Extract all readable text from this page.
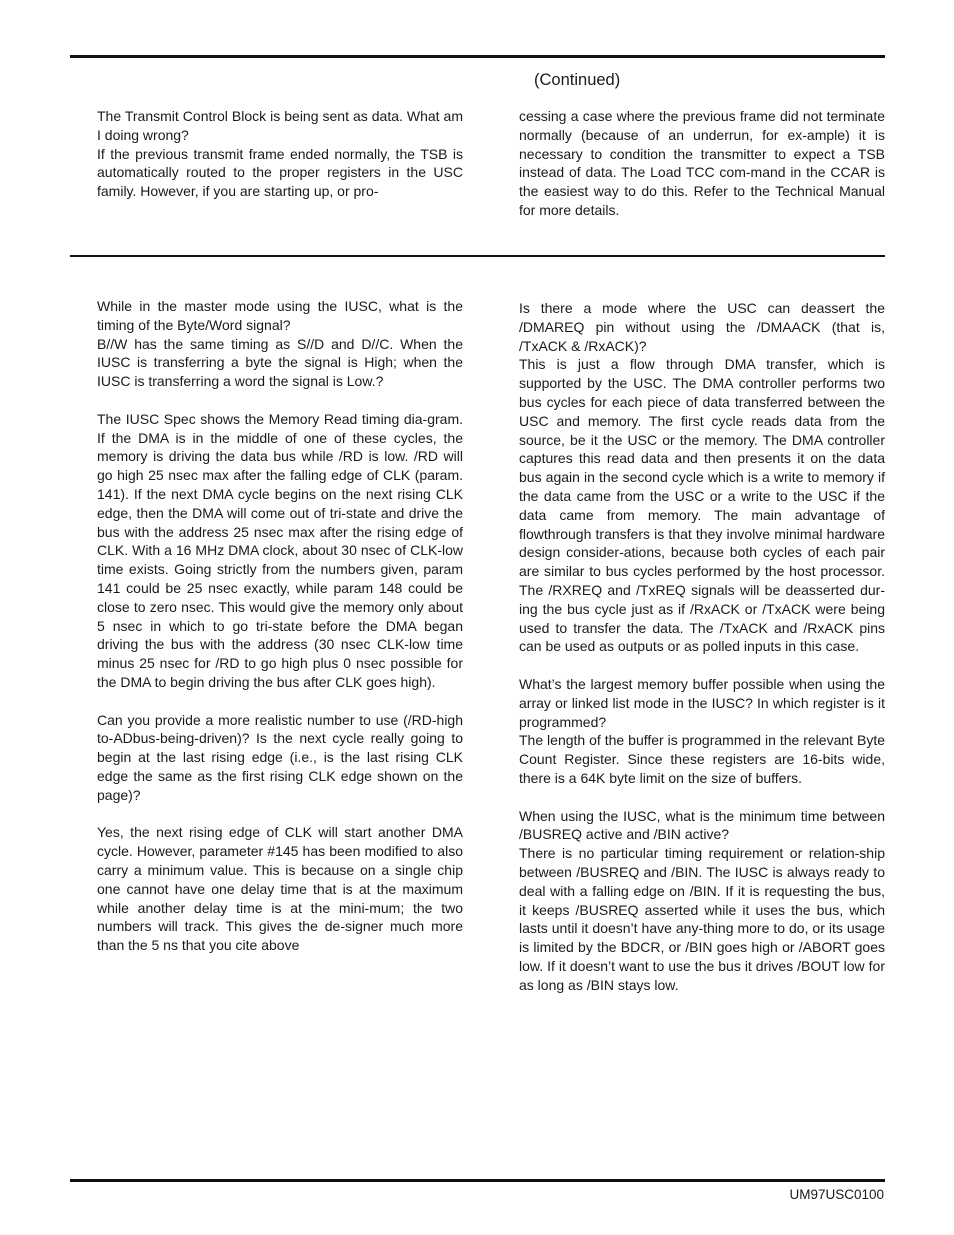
(Continued)

The Transmit Control Block is being sent as data. What am I doing wrong?

If the previous transmit frame ended normally, the TSB is automatically routed to the proper registers in the USC family. However, if you are starting up, or pro-

cessing a case where the previous frame did not terminate normally (because of an underrun, for ex-ample) it is necessary to condition the transmitter to expect a TSB instead of data. The Load TCC com-mand in the CCAR is the easiest way to do this. Refer to the Technical Manual for more details.

While in the master mode using the IUSC, what is the timing of the Byte/Word signal?

B//W has the same timing as S//D and D//C. When the IUSC is transferring a byte the signal is High; when the IUSC is transferring a word the signal is Low.?

The IUSC Spec shows the Memory Read timing dia-gram. If the DMA is in the middle of one of these cycles, the memory is driving the data bus while /RD is low. /RD will go high 25 nsec max after the falling edge of CLK (param. 141). If the next DMA cycle begins on the next rising CLK edge, then the DMA will come out of tri-state and drive the bus with the address 25 nsec max after the rising edge of CLK. With a 16 MHz DMA clock, about 30 nsec of CLK-low time exists. Going strictly from the numbers given, param 141 could be 25 nsec exactly, while param 148 could be close to zero nsec. This would give the memory only about 5 nsec in which to go tri-state before the DMA began driving the bus with the address (30 nsec CLK-low time minus 25 nsec for /RD to go high plus 0 nsec possible for the DMA to begin driving the bus after CLK goes high).

Can you provide a more realistic number to use (/RD-high to-ADbus-being-driven)? Is the next cycle really going to begin at the last rising edge (i.e., is the last rising CLK edge the same as the first rising CLK edge shown on the page)?

Yes, the next rising edge of CLK will start another DMA cycle. However, parameter #145 has been modified to also carry a minimum value. This is because on a single chip one cannot have one delay time that is at the maximum while another delay time is at the mini-mum; the two numbers will track. This gives the de-signer much more than the 5 ns that you cite above

Is there a mode where the USC can deassert the /DMAREQ pin without using the /DMAACK (that is, /TxACK & /RxACK)?

This is just a flow through DMA transfer, which is supported by the USC. The DMA controller performs two bus cycles for each piece of data transferred between the USC and memory. The first cycle reads data from the source, be it the USC or the memory. The DMA controller captures this read data and then presents it on the data bus again in the second cycle which is a write to memory if the data came from the USC or a write to the USC if the data came from memory. The main advantage of flowthrough transfers is that they involve minimal hardware design consider-ations, because both cycles of each pair are similar to bus cycles performed by the host processor. The /RXREQ and /TxREQ signals will be deasserted dur-ing the bus cycle just as if /RxACK or /TxACK were being used to transfer the data. The /TxACK and /RxACK pins can be used as outputs or as polled inputs in this case.

What’s the largest memory buffer possible when using the array or linked list mode in the IUSC? In which register is it programmed?

The length of the buffer is programmed in the relevant Byte Count Register. Since these registers are 16-bits wide, there is a 64K byte limit on the size of buffers.

When using the IUSC, what is the minimum time between /BUSREQ active and /BIN active?

There is no particular timing requirement or relation-ship between /BUSREQ and /BIN. The IUSC is always ready to deal with a falling edge on /BIN. If it is requesting the bus, it keeps /BUSREQ asserted while it uses the bus, which lasts until it doesn’t have any-thing more to do, or its usage is limited by the BDCR, or /BIN goes high or /ABORT goes low. If it doesn’t want to use the bus it drives /BOUT low for as long as /BIN stays low.

UM97USC0100
